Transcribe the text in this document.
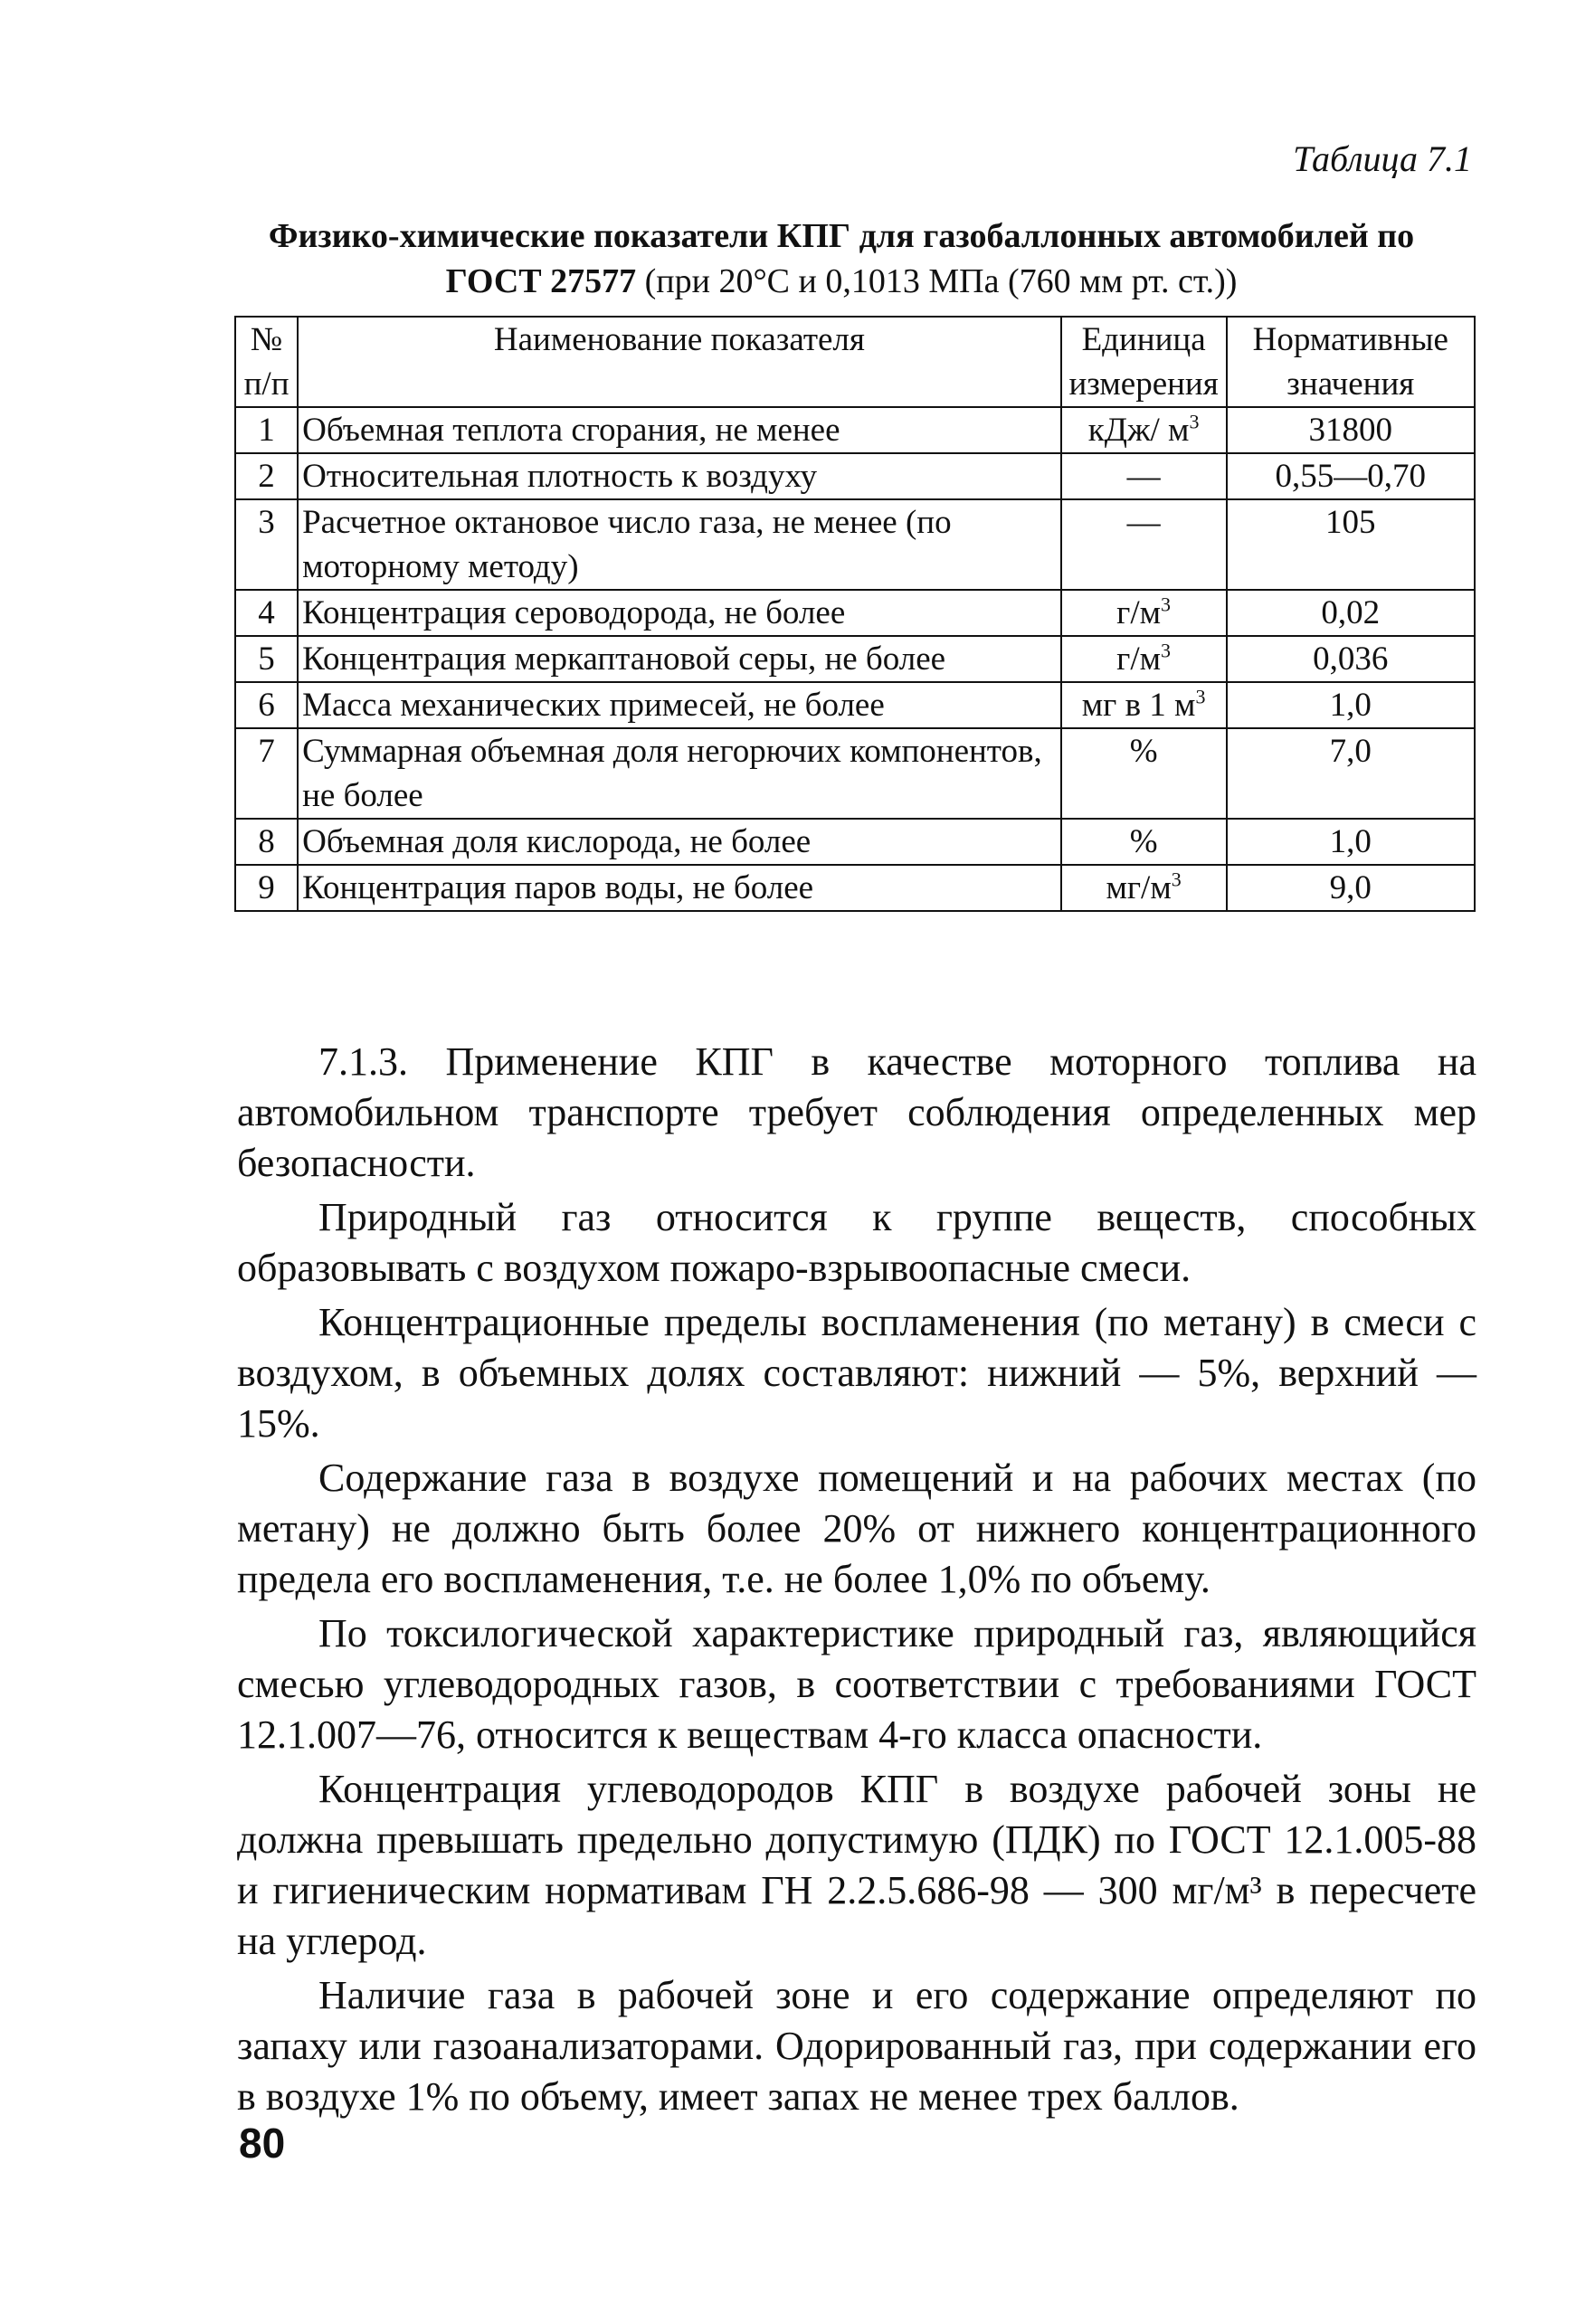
Таблица 7.1
Физико-химические показатели КПГ для газобаллонных автомобилей по ГОСТ 27577 (при 20°С и 0,1013 МПа (760 мм рт. ст.))
№ п/п	Наименование показателя	Единица измерения	Нормативные значения
1	Объемная теплота сгорания, не менее	кДж/ $м^3$	31800
2	Относительная плотность к воздуху	—	0,55—0,70
3	Расчетное октановое число газа, не менее (по моторному методу)	—	105
4	Концентрация сероводорода, не более	$г/м^3$	0,02
5	Концентрация меркаптановой серы, не более	$г/м^3$	0,036
6	Масса механических примесей, не более	мг в 1 $м^3$	1,0
7	Суммарная объемная доля негорючих компонентов, не более	%	7,0
8	Объемная доля кислорода, не более	%	1,0
9	Концентрация паров воды, не более	$мг/м^3$	9,0

7.1.3. Применение КПГ в качестве моторного топлива на автомобильном транспорте требует соблюдения определенных мер безопасности.

Природный газ относится к группе веществ, способных образовывать с воздухом пожаро-взрывоопасные смеси.

Концентрационные пределы воспламенения (по метану) в смеси с воздухом, в объемных долях составляют: нижний — 5%, верхний — 15%.

Содержание газа в воздухе помещений и на рабочих местах (по метану) не должно быть более 20% от нижнего концентрационного предела его воспламенения, т.е. не более 1,0% по объему.

По токсилогической характеристике природный газ, являющийся смесью углеводородных газов, в соответствии с требованиями ГОСТ 12.1.007—76, относится к веществам 4-го класса опасности.

Концентрация углеводородов КПГ в воздухе рабочей зоны не должна превышать предельно допустимую (ПДК) по ГОСТ 12.1.005-88 и гигиеническим нормативам ГН 2.2.5.686-98 — 300 мг/м³ в пересчете на углерод.

Наличие газа в рабочей зоне и его содержание определяют по запаху или газоанализаторами. Одорированный газ, при содержании его в воздухе 1% по объему, имеет запах не менее трех баллов.

80
